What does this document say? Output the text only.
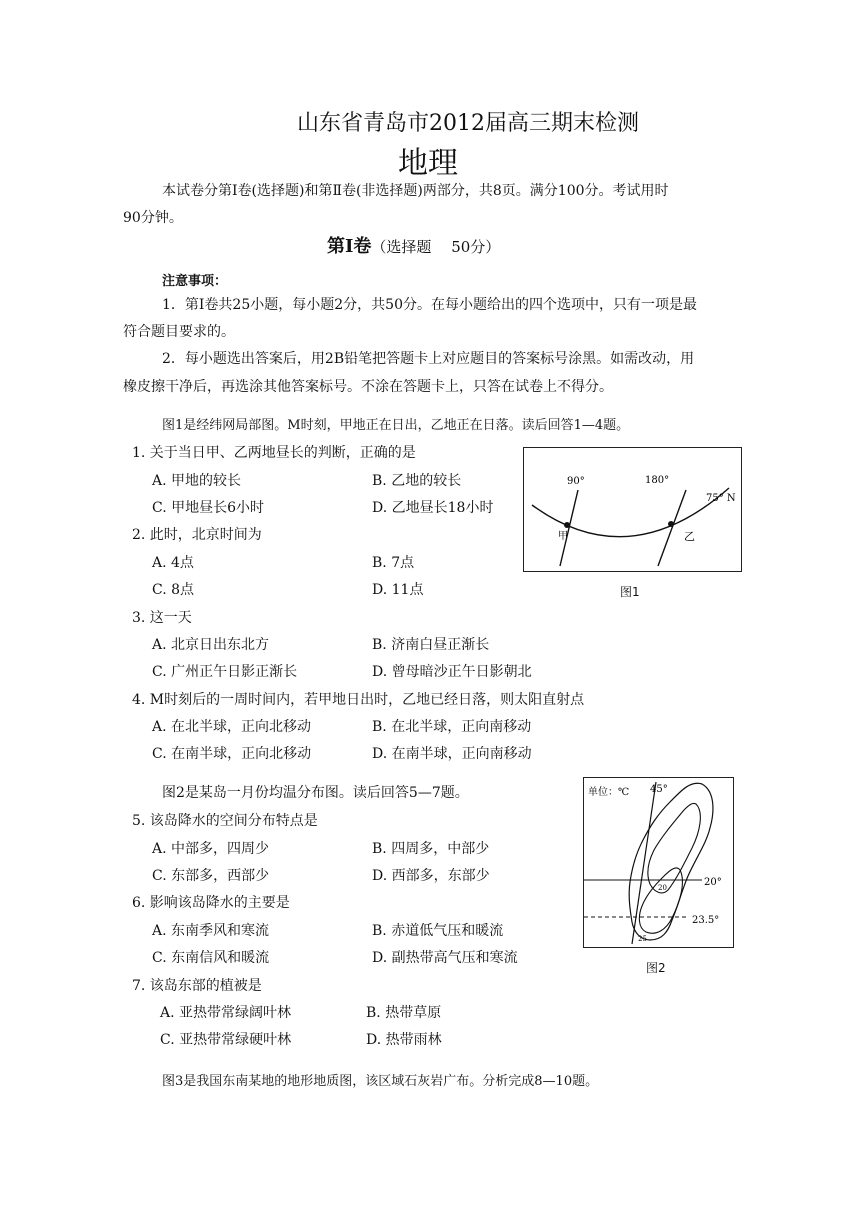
山东省青岛市2012届高三期末检测
地理
本试卷分第Ⅰ卷(选择题)和第Ⅱ卷(非选择题)两部分，共8页。满分100分。考试用时
90分钟。
第Ⅰ卷（选择题　 50分）
注意事项：
1．第Ⅰ卷共25小题，每小题2分，共50分。在每小题给出的四个选项中，只有一项是最
符合题目要求的。
2．每小题选出答案后，用2B铅笔把答题卡上对应题目的答案标号涂黑。如需改动，用
橡皮擦干净后，再选涂其他答案标号。不涂在答题卡上，只答在试卷上不得分。
图1是经纬网局部图。M时刻，甲地正在日出，乙地正在日落。读后回答1—4题。
1. 关于当日甲、乙两地昼长的判断，正确的是
A. 甲地的较长	B. 乙地的较长
C. 甲地昼长6小时	D. 乙地昼长18小时
2. 此时，北京时间为
A. 4点	B. 7点
C. 8点	D. 11点
3. 这一天
A. 北京日出东北方	B. 济南白昼正渐长
C. 广州正午日影正渐长	D. 曾母暗沙正午日影朝北
4. M时刻后的一周时间内，若甲地日出时，乙地已经日落，则太阳直射点
A. 在北半球，正向北移动	B. 在北半球，正向南移动
C. 在南半球，正向北移动	D. 在南半球，正向南移动
90°	180°
75° N
甲	乙
图1
图2是某岛一月份均温分布图。读后回答5—7题。
5. 该岛降水的空间分布特点是
A. 中部多，四周少	B. 四周多，中部少
C. 东部多，西部少	D. 西部多，东部少
6. 影响该岛降水的主要是
A. 东南季风和寒流	B. 赤道低气压和暖流
C. 东南信风和暖流	D. 副热带高气压和寒流
7. 该岛东部的植被是
A. 亚热带常绿阔叶林	B. 热带草原
C. 亚热带常绿硬叶林	D. 热带雨林
单位：℃ 45°
20°
23.5°
20
25
图2
图3是我国东南某地的地形地质图，该区域石灰岩广布。分析完成8—10题。
